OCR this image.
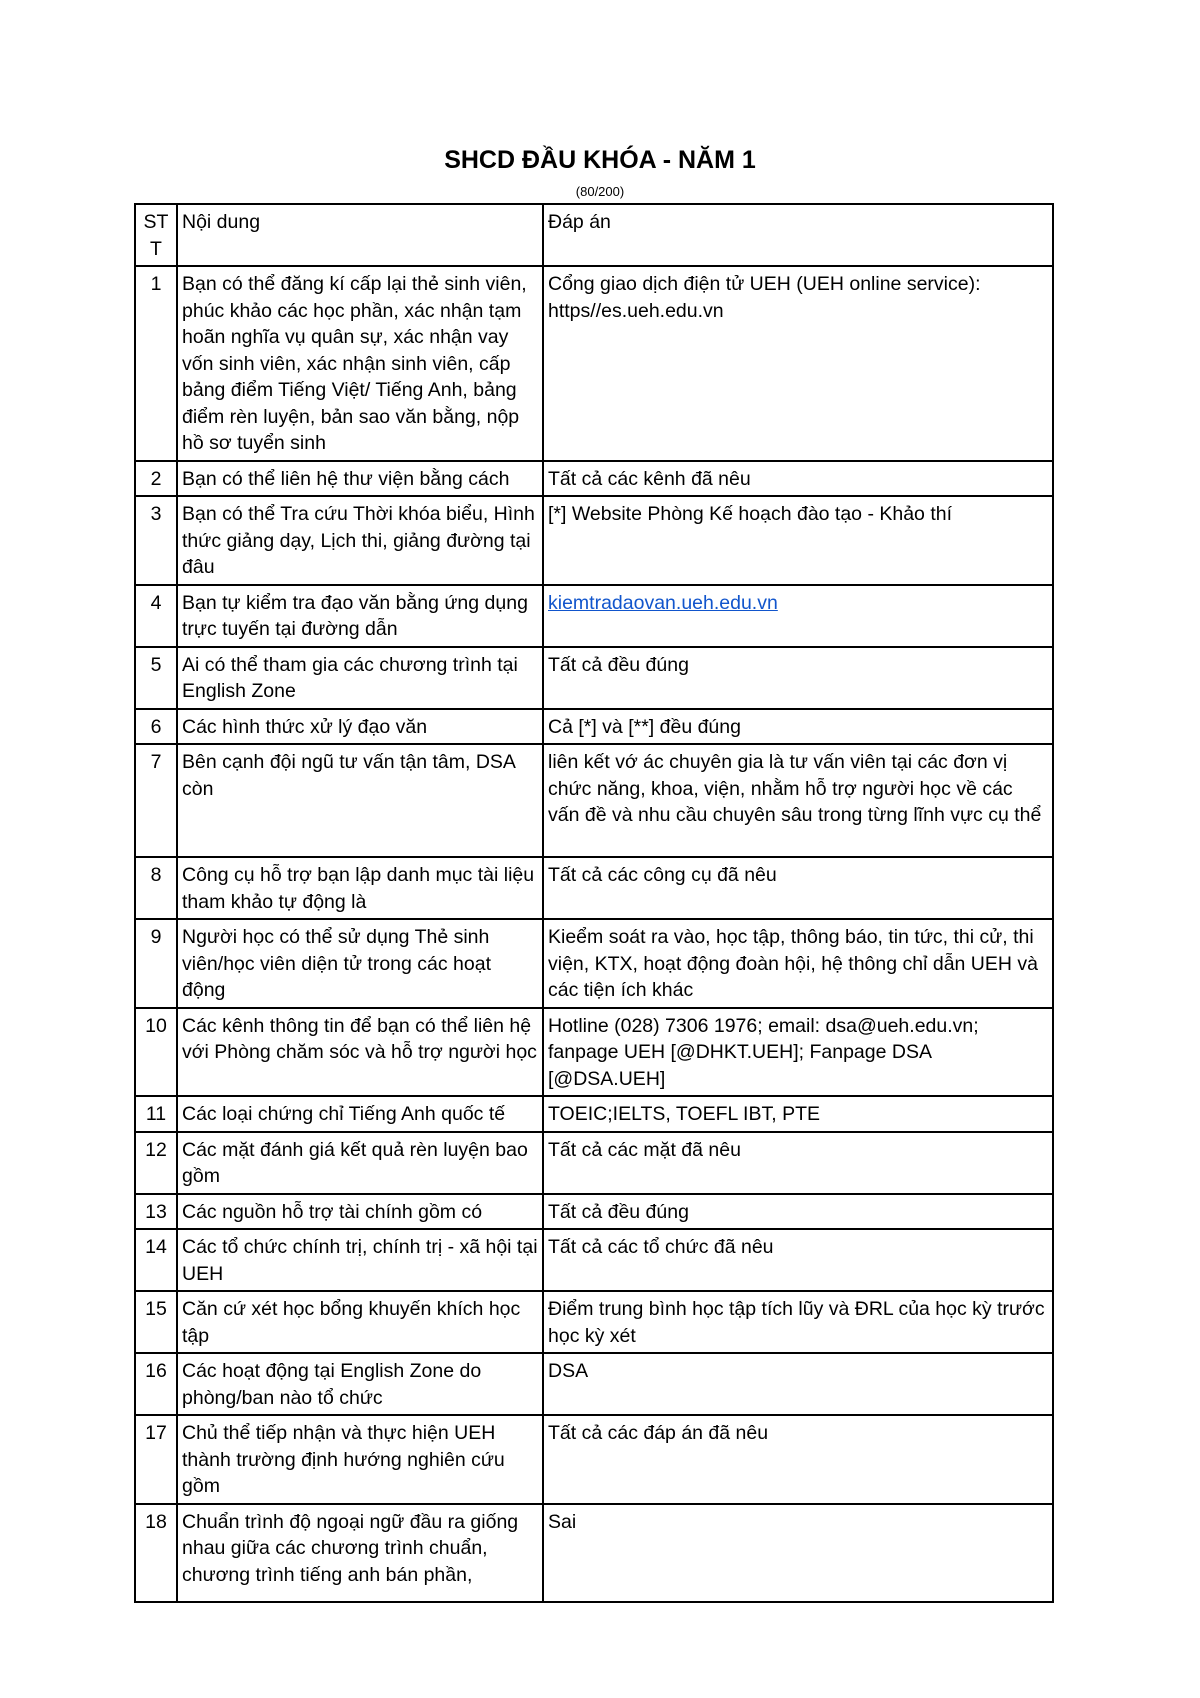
SHCD ĐẦU KHÓA - NĂM 1
(80/200)
STT	Nội dung	Đáp án
1	Bạn có thể đăng kí cấp lại thẻ sinh viên, phúc khảo các học phần, xác nhận tạm hoãn nghĩa vụ quân sự, xác nhận vay vốn sinh viên, xác nhận sinh viên, cấp bảng điểm Tiếng Việt/ Tiếng Anh, bảng điểm rèn luyện, bản sao văn bằng, nộp hồ sơ tuyển sinh	Cổng giao dịch điện tử UEH (UEH online service): https//es.ueh.edu.vn
2	Bạn có thể liên hệ thư viện bằng cách	Tất cả các kênh đã nêu
3	Bạn có thể Tra cứu Thời khóa biểu, Hình thức giảng dạy, Lịch thi, giảng đường tại đâu	[*] Website Phòng Kế hoạch đào tạo - Khảo thí
4	Bạn tự kiểm tra đạo văn bằng ứng dụng trực tuyến tại đường dẫn	kiemtradaovan.ueh.edu.vn
5	Ai có thể tham gia các chương trình tại English Zone	Tất cả đều đúng
6	Các hình thức xử lý đạo văn	Cả [*] và [**] đều đúng
7	Bên cạnh đội ngũ tư vấn tận tâm, DSA còn	liên kết vớ ác chuyên gia là tư vấn viên tại các đơn vị chức năng, khoa, viện, nhằm hỗ trợ người học về các vấn đề và nhu cầu chuyên sâu trong từng lĩnh vực cụ thể
8	Công cụ hỗ trợ bạn lập danh mục tài liệu tham khảo tự động là	Tất cả các công cụ đã nêu
9	Người học có thể sử dụng Thẻ sinh viên/học viên diện tử trong các hoạt động	Kieểm soát ra vào, học tập, thông báo, tin tức, thi cử, thi viện, KTX, hoạt động đoàn hội, hệ thông chỉ dẫn UEH và các tiện ích khác
10	Các kênh thông tin để bạn có thể liên hệ với Phòng chăm sóc và hỗ trợ người học	Hotline (028) 7306 1976; email: dsa@ueh.edu.vn; fanpage UEH [@DHKT.UEH]; Fanpage DSA [@DSA.UEH]
11	Các loại chứng chỉ Tiếng Anh quốc tế	TOEIC;IELTS, TOEFL IBT, PTE
12	Các mặt đánh giá kết quả rèn luyện bao gồm	Tất cả các mặt đã nêu
13	Các nguồn hỗ trợ tài chính gồm có	Tất cả đều đúng
14	Các tổ chức chính trị, chính trị - xã hội tại UEH	Tất cả các tổ chức đã nêu
15	Căn cứ xét học bổng khuyến khích học tập	Điểm trung bình học tập tích lũy và ĐRL của học kỳ trước học kỳ xét
16	Các hoạt động tại English Zone do phòng/ban nào tổ chức	DSA
17	Chủ thể tiếp nhận và thực hiện UEH thành trường định hướng nghiên cứu gồm	Tất cả các đáp án đã nêu
18	Chuẩn trình độ ngoại ngữ đầu ra giống nhau giữa các chương trình chuẩn, chương trình tiếng anh bán phần,	Sai
